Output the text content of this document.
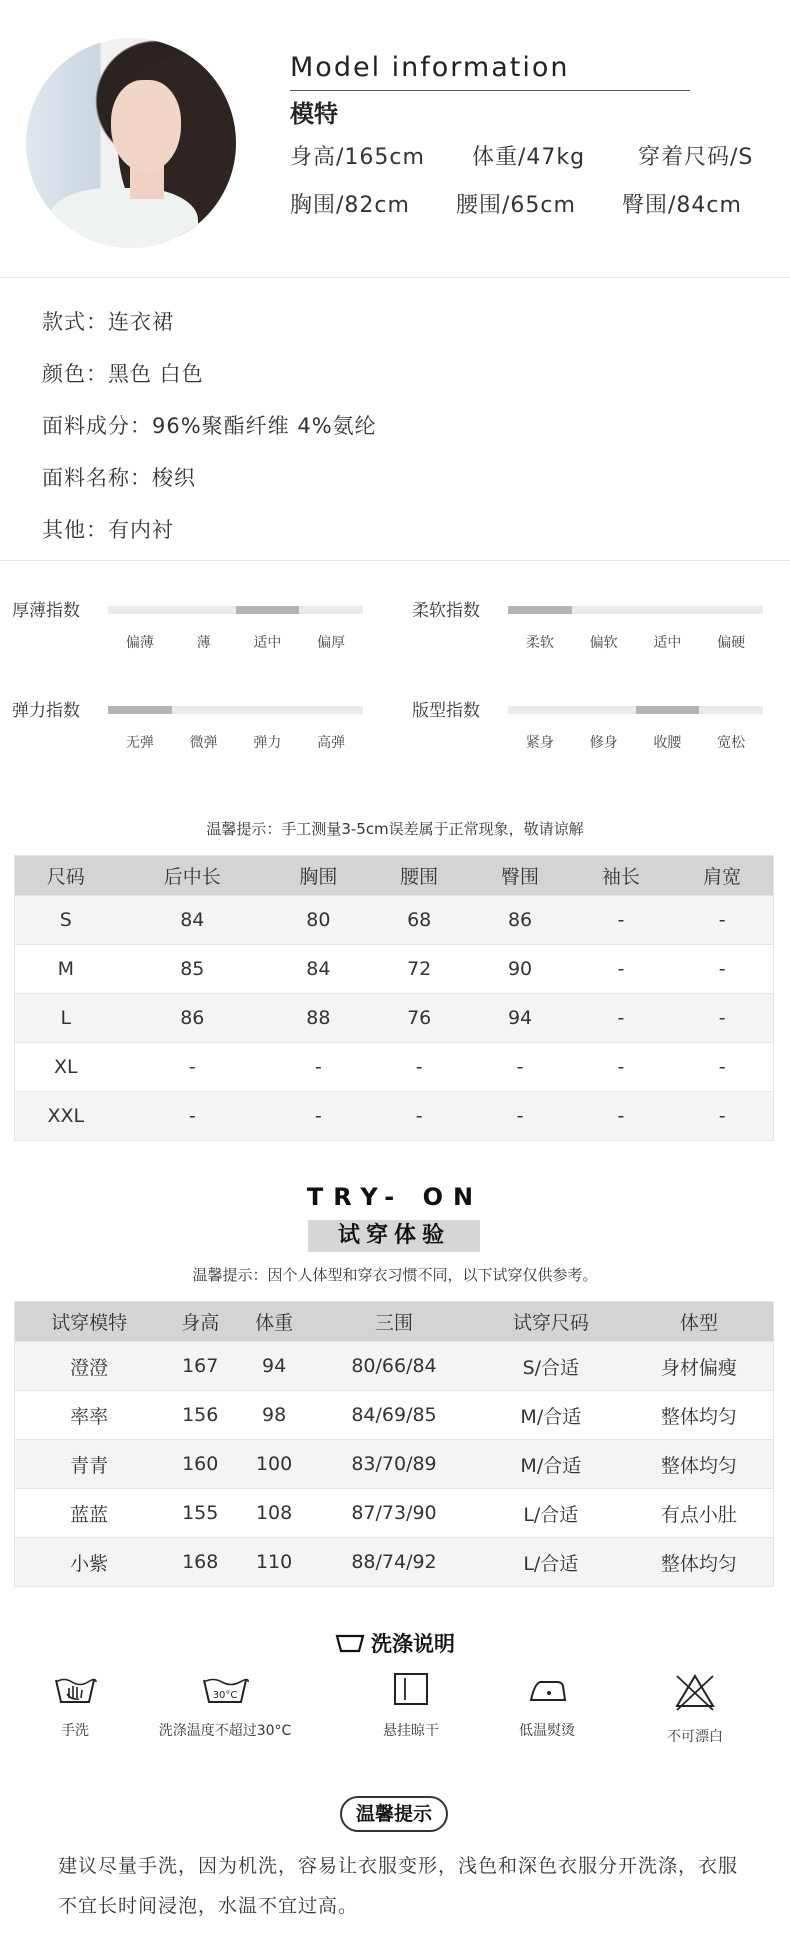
Model information
模特
身高/165cm 体重/47kg 穿着尺码/S
胸围/82cm 腰围/65cm 臀围/84cm
款式：连衣裙
颜色：黑色 白色
面料成分：96%聚酯纤维 4%氨纶
面料名称：梭织
其他：有内衬
厚薄指数
偏薄	薄	适中	偏厚
柔软指数
柔软	偏软	适中	偏硬
弹力指数
无弹	微弹	弹力	高弹
版型指数
紧身	修身	收腰	宽松
温馨提示：手工测量3-5cm误差属于正常现象，敬请谅解
尺码	后中长	胸围	腰围	臀围	袖长	肩宽
S	84	80	68	86	-	-
M	85	84	72	90	-	-
L	86	88	76	94	-	-
XL	-	-	-	-	-	-
XXL	-	-	-	-	-	-
TRY- ON
试穿体验
温馨提示：因个人体型和穿衣习惯不同，以下试穿仅供参考。
试穿模特	身高	体重	三围	试穿尺码	体型
澄澄	167	94	80/66/84	S/合适	身材偏瘦
率率	156	98	84/69/85	M/合适	整体均匀
青青	160	100	83/70/89	M/合适	整体均匀
蓝蓝	155	108	87/73/90	L/合适	有点小肚
小紫	168	110	88/74/92	L/合适	整体均匀
洗涤说明
手洗
30°C
洗涤温度不超过30°C	悬挂晾干	低温熨烫	不可漂白
温馨提示
建议尽量手洗，因为机洗，容易让衣服变形，浅色和深色衣服分开洗涤，衣服不宜长时间浸泡，水温不宜过高。
